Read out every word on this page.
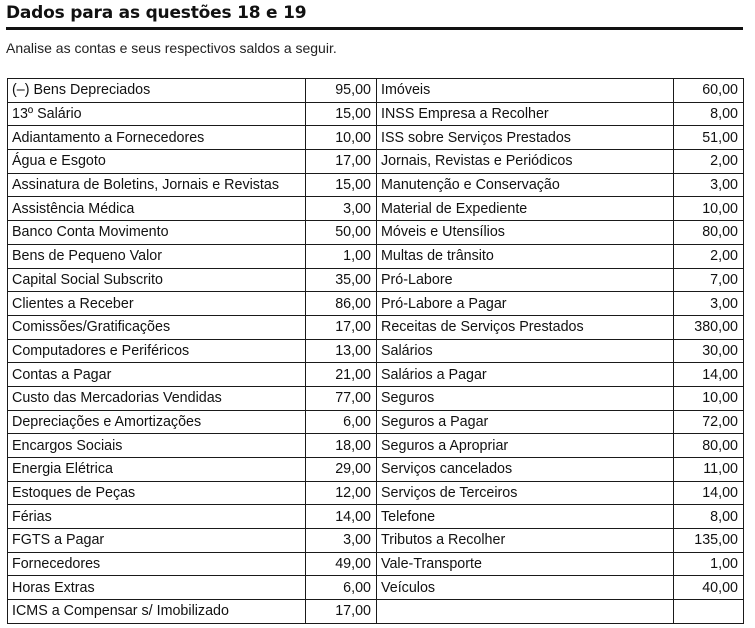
Dados para as questões 18 e 19
Analise as contas e seus respectivos saldos a seguir.
(–) Bens Depreciados	95,00	Imóveis	60,00
13º Salário	15,00	INSS Empresa a Recolher	8,00
Adiantamento a Fornecedores	10,00	ISS sobre Serviços Prestados	51,00
Água e Esgoto	17,00	Jornais, Revistas e Periódicos	2,00
Assinatura de Boletins, Jornais e Revistas	15,00	Manutenção e Conservação	3,00
Assistência Médica	3,00	Material de Expediente	10,00
Banco Conta Movimento	50,00	Móveis e Utensílios	80,00
Bens de Pequeno Valor	1,00	Multas de trânsito	2,00
Capital Social Subscrito	35,00	Pró-Labore	7,00
Clientes a Receber	86,00	Pró-Labore a Pagar	3,00
Comissões/Gratificações	17,00	Receitas de Serviços Prestados	380,00
Computadores e Periféricos	13,00	Salários	30,00
Contas a Pagar	21,00	Salários a Pagar	14,00
Custo das Mercadorias Vendidas	77,00	Seguros	10,00
Depreciações e Amortizações	6,00	Seguros a Pagar	72,00
Encargos Sociais	18,00	Seguros a Apropriar	80,00
Energia Elétrica	29,00	Serviços cancelados	11,00
Estoques de Peças	12,00	Serviços de Terceiros	14,00
Férias	14,00	Telefone	8,00
FGTS a Pagar	3,00	Tributos a Recolher	135,00
Fornecedores	49,00	Vale-Transporte	1,00
Horas Extras	6,00	Veículos	40,00
ICMS a Compensar s/ Imobilizado	17,00		
